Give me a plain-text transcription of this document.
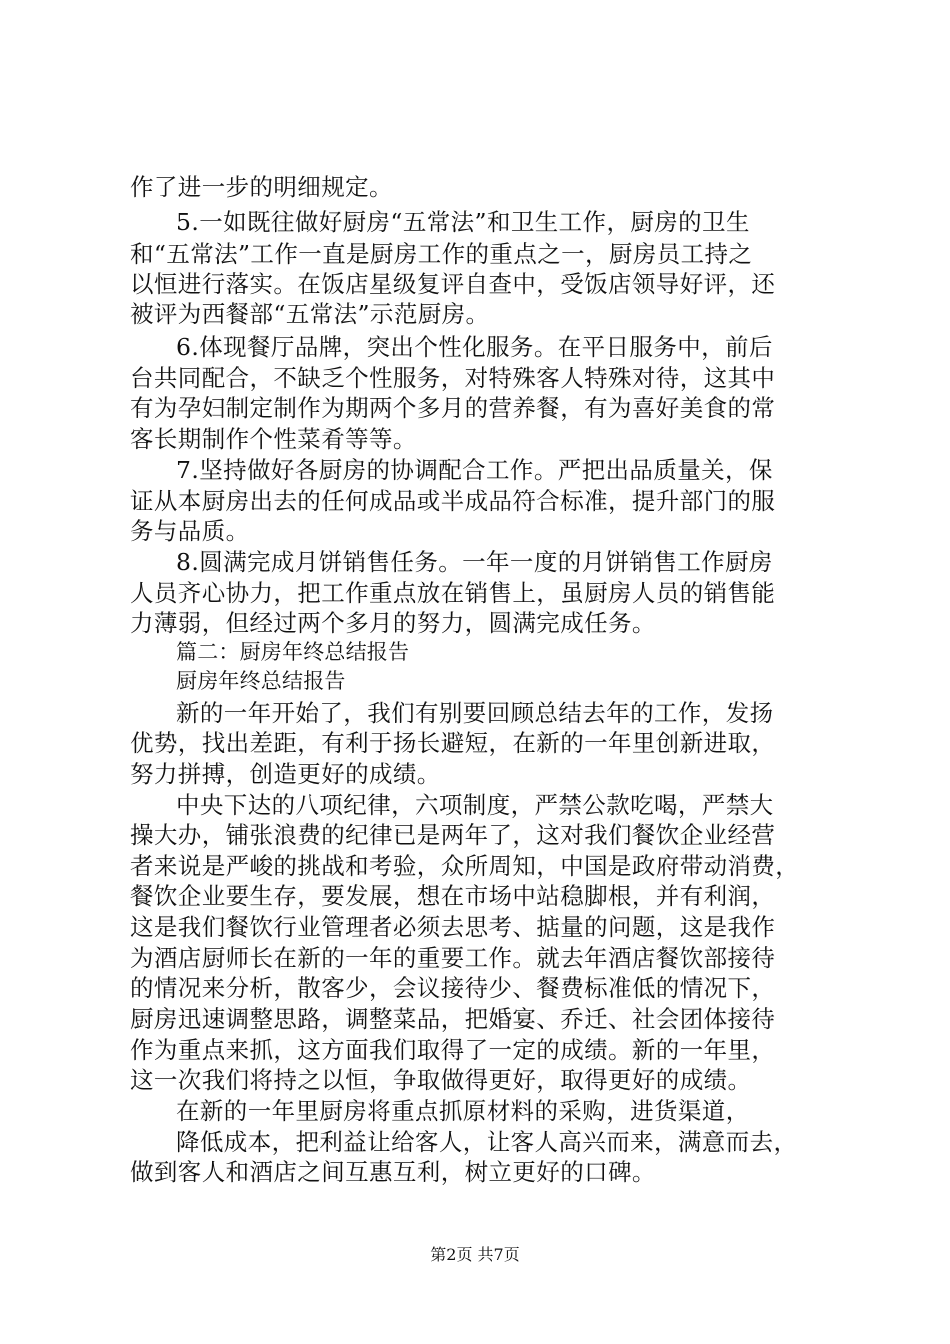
作了进一步的明细规定。
5.一如既往做好厨房“五常法”和卫生工作，厨房的卫生
和“五常法”工作一直是厨房工作的重点之一，厨房员工持之
以恒进行落实。在饭店星级复评自查中，受饭店领导好评，还
被评为西餐部“五常法”示范厨房。
6.体现餐厅品牌，突出个性化服务。在平日服务中，前后
台共同配合，不缺乏个性服务，对特殊客人特殊对待，这其中
有为孕妇制定制作为期两个多月的营养餐，有为喜好美食的常
客长期制作个性菜肴等等。
7.坚持做好各厨房的协调配合工作。严把出品质量关，保
证从本厨房出去的任何成品或半成品符合标准，提升部门的服
务与品质。
8.圆满完成月饼销售任务。一年一度的月饼销售工作厨房
人员齐心协力，把工作重点放在销售上，虽厨房人员的销售能
力薄弱，但经过两个多月的努力，圆满完成任务。
篇二：厨房年终总结报告
厨房年终总结报告
新的一年开始了，我们有别要回顾总结去年的工作，发扬
优势，找出差距，有利于扬长避短，在新的一年里创新进取，
努力拼搏，创造更好的成绩。
中央下达的八项纪律，六项制度，严禁公款吃喝，严禁大
操大办，铺张浪费的纪律已是两年了，这对我们餐饮企业经营
者来说是严峻的挑战和考验，众所周知，中国是政府带动消费，
餐饮企业要生存，要发展，想在市场中站稳脚根，并有利润，
这是我们餐饮行业管理者必须去思考、掂量的问题，这是我作
为酒店厨师长在新的一年的重要工作。就去年酒店餐饮部接待
的情况来分析，散客少，会议接待少、餐费标准低的情况下，
厨房迅速调整思路，调整菜品，把婚宴、乔迁、社会团体接待
作为重点来抓，这方面我们取得了一定的成绩。新的一年里，
这一次我们将持之以恒，争取做得更好，取得更好的成绩。
在新的一年里厨房将重点抓原材料的采购，进货渠道，
降低成本，把利益让给客人，让客人高兴而来，满意而去，
做到客人和酒店之间互惠互利，树立更好的口碑。
第2页 共7页
